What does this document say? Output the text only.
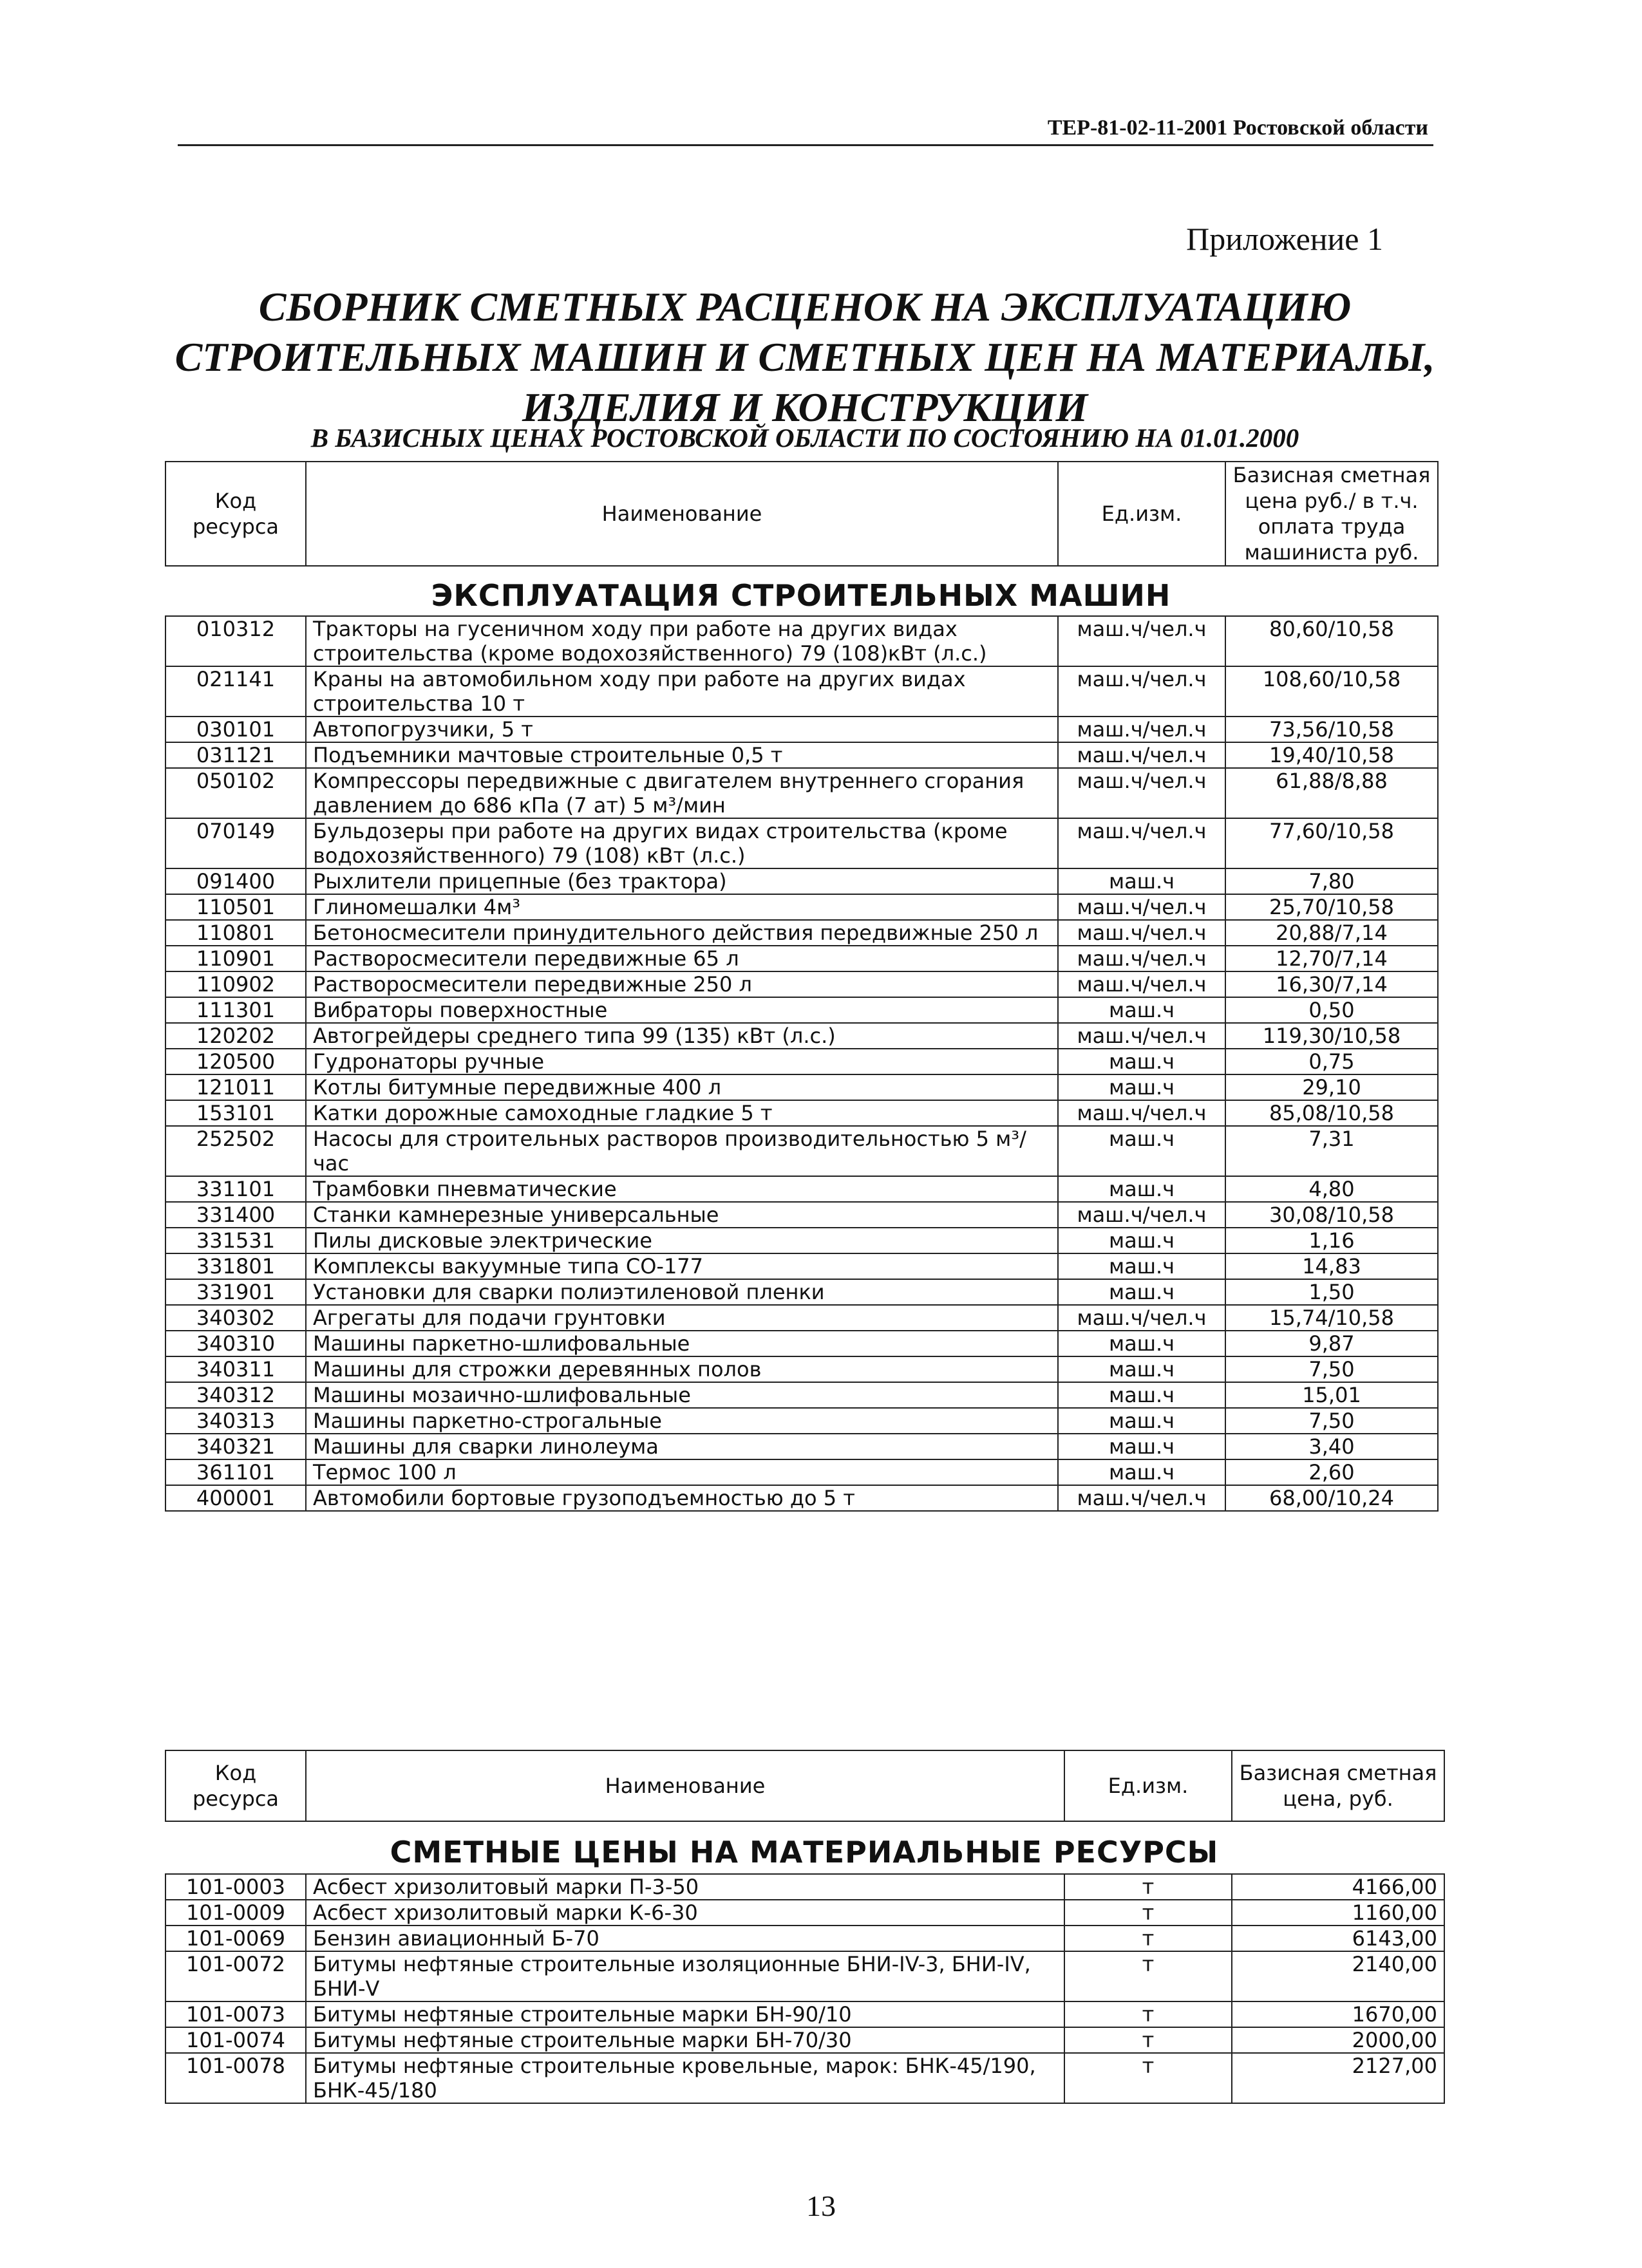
ТЕР-81-02-11-2001 Ростовской области
Приложение 1
СБОРНИК СМЕТНЫХ РАСЦЕНОК НА ЭКСПЛУАТАЦИЮ
СТРОИТЕЛЬНЫХ МАШИН И СМЕТНЫХ ЦЕН НА МАТЕРИАЛЫ,
ИЗДЕЛИЯ И КОНСТРУКЦИИ
В БАЗИСНЫХ ЦЕНАХ РОСТОВСКОЙ ОБЛАСТИ ПО СОСТОЯНИЮ НА 01.01.2000
Код ресурса	Наименование	Ед.изм.	Базисная сметная цена руб./ в т.ч. оплата труда машиниста руб.
ЭКСПЛУАТАЦИЯ СТРОИТЕЛЬНЫХ МАШИН
010312	Тракторы на гусеничном ходу при работе на других видах строительства (кроме водохозяйственного) 79 (108)кВт (л.с.)	маш.ч/чел.ч	80,60/10,58
021141	Краны на автомобильном ходу при работе на других видах строительства 10 т	маш.ч/чел.ч	108,60/10,58
030101	Автопогрузчики, 5 т	маш.ч/чел.ч	73,56/10,58
031121	Подъемники мачтовые строительные 0,5 т	маш.ч/чел.ч	19,40/10,58
050102	Компрессоры передвижные с двигателем внутреннего сгорания давлением до 686 кПа (7 ат) 5 м³/мин	маш.ч/чел.ч	61,88/8,88
070149	Бульдозеры при работе на других видах строительства (кроме водохозяйственного) 79 (108) кВт (л.с.)	маш.ч/чел.ч	77,60/10,58
091400	Рыхлители прицепные (без трактора)	маш.ч	7,80
110501	Глиномешалки 4м³	маш.ч/чел.ч	25,70/10,58
110801	Бетоносмесители принудительного действия передвижные 250 л	маш.ч/чел.ч	20,88/7,14
110901	Растворосмесители передвижные 65 л	маш.ч/чел.ч	12,70/7,14
110902	Растворосмесители передвижные 250 л	маш.ч/чел.ч	16,30/7,14
111301	Вибраторы поверхностные	маш.ч	0,50
120202	Автогрейдеры среднего типа 99 (135) кВт (л.с.)	маш.ч/чел.ч	119,30/10,58
120500	Гудронаторы ручные	маш.ч	0,75
121011	Котлы битумные передвижные 400 л	маш.ч	29,10
153101	Катки дорожные самоходные гладкие 5 т	маш.ч/чел.ч	85,08/10,58
252502	Насосы для строительных растворов производительностью 5 м³/час	маш.ч	7,31
331101	Трамбовки пневматические	маш.ч	4,80
331400	Станки камнерезные универсальные	маш.ч/чел.ч	30,08/10,58
331531	Пилы дисковые электрические	маш.ч	1,16
331801	Комплексы вакуумные типа СО-177	маш.ч	14,83
331901	Установки для сварки полиэтиленовой пленки	маш.ч	1,50
340302	Агрегаты для подачи грунтовки	маш.ч/чел.ч	15,74/10,58
340310	Машины паркетно-шлифовальные	маш.ч	9,87
340311	Машины для строжки деревянных полов	маш.ч	7,50
340312	Машины мозаично-шлифовальные	маш.ч	15,01
340313	Машины паркетно-строгальные	маш.ч	7,50
340321	Машины для сварки линолеума	маш.ч	3,40
361101	Термос 100 л	маш.ч	2,60
400001	Автомобили бортовые грузоподъемностью до 5 т	маш.ч/чел.ч	68,00/10,24
Код ресурса	Наименование	Ед.изм.	Базисная сметная цена, руб.
СМЕТНЫЕ ЦЕНЫ НА МАТЕРИАЛЬНЫЕ РЕСУРСЫ
101-0003	Асбест хризолитовый марки П-3-50	т	4166,00
101-0009	Асбест хризолитовый марки К-6-30	т	1160,00
101-0069	Бензин авиационный Б-70	т	6143,00
101-0072	Битумы нефтяные строительные изоляционные БНИ-IV-3, БНИ-IV, БНИ-V	т	2140,00
101-0073	Битумы нефтяные строительные марки БН-90/10	т	1670,00
101-0074	Битумы нефтяные строительные марки БН-70/30	т	2000,00
101-0078	Битумы нефтяные строительные кровельные, марок: БНК-45/190, БНК-45/180	т	2127,00
13
